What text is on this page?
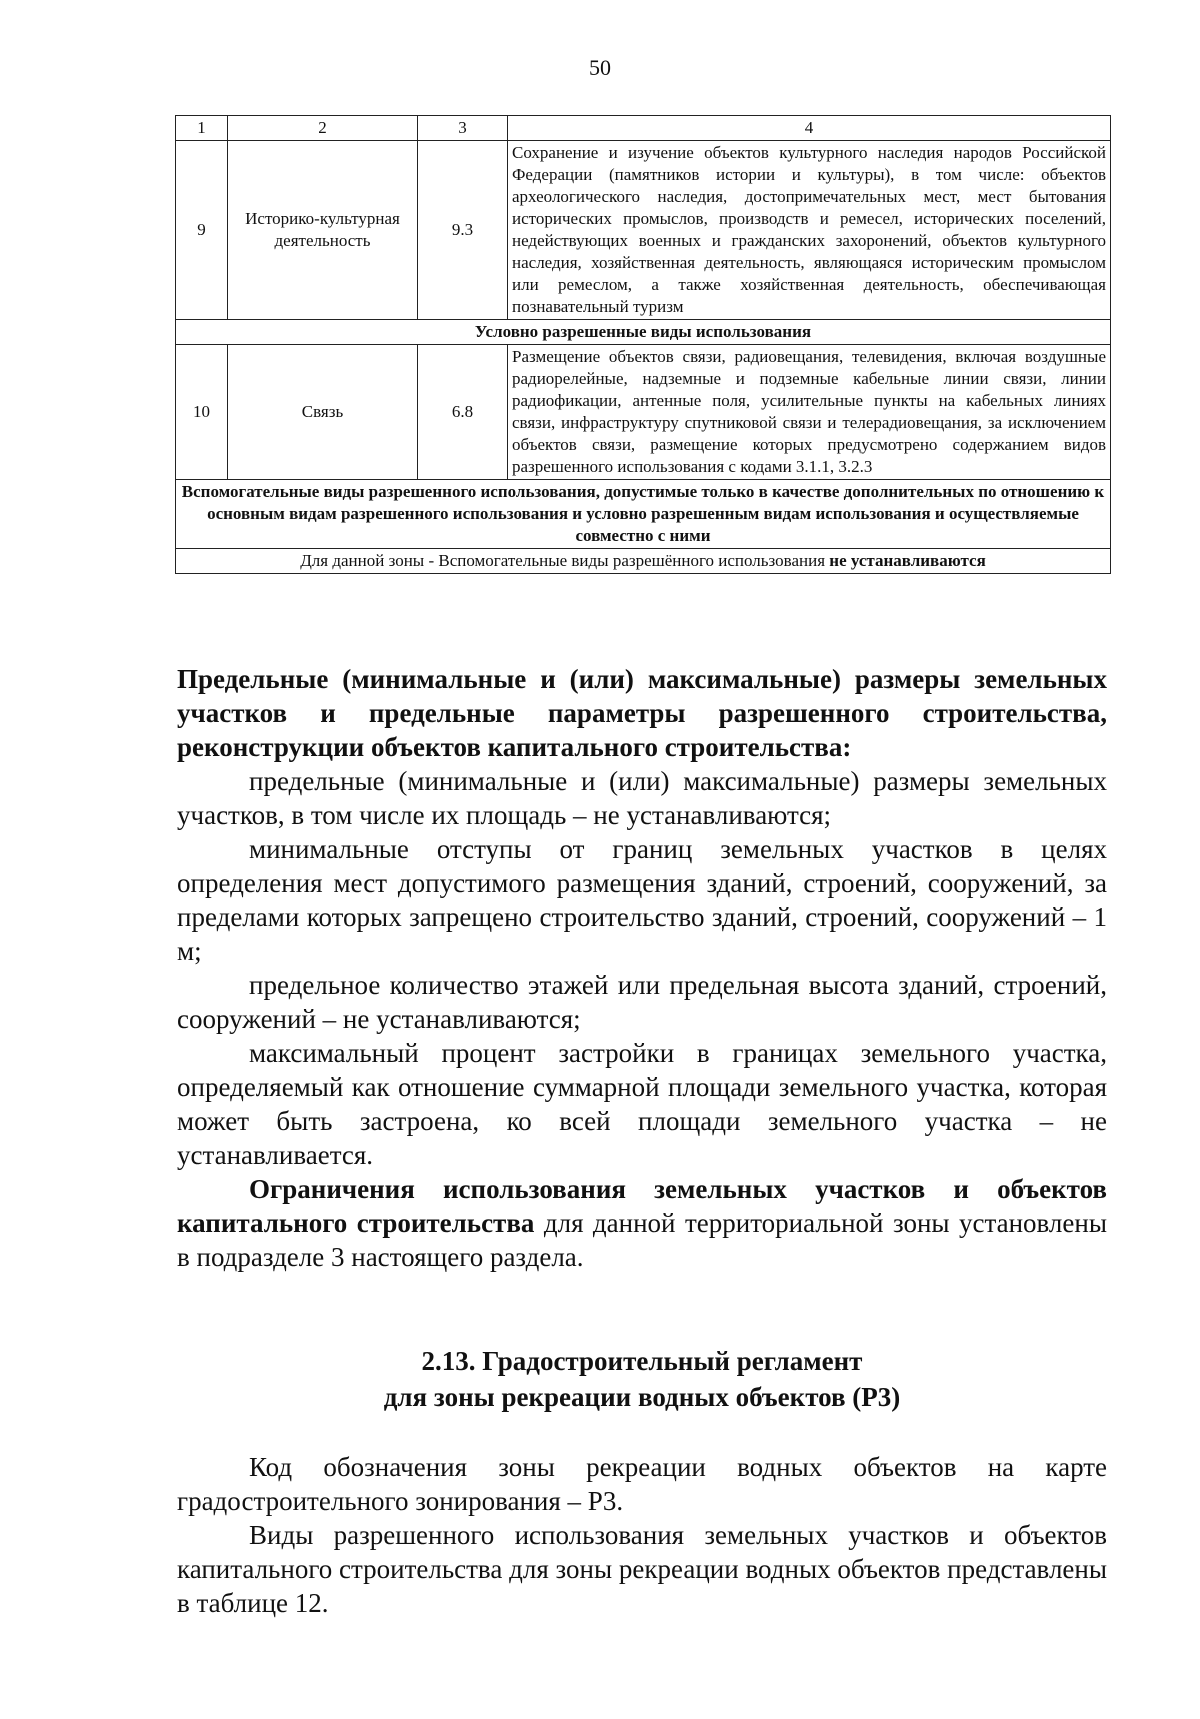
50
1	2	3	4
9	Историко-культурная деятельность	9.3	Сохранение и изучение объектов культурного наследия народов Российской Федерации (памятников истории и культуры), в том числе: объектов археологического наследия, достопримечательных мест, мест бытования исторических промыслов, производств и ремесел, исторических поселений, недействующих военных и гражданских захоронений, объектов культурного наследия, хозяйственная деятельность, являющаяся историческим промыслом или ремеслом, а также хозяйственная деятельность, обеспечивающая познавательный туризм
Условно разрешенные виды использования			
10	Связь	6.8	Размещение объектов связи, радиовещания, телевидения, включая воздушные радиорелейные, надземные и подземные кабельные линии связи, линии радиофикации, антенные поля, усилительные пункты на кабельных линиях связи, инфраструктуру спутниковой связи и телерадиовещания, за исключением объектов связи, размещение которых предусмотрено содержанием видов разрешенного использования с кодами 3.1.1, 3.2.3
Вспомогательные виды разрешенного использования, допустимые только в качестве дополнительных по отношению к основным видам разрешенного использования и условно разрешенным видам использования и осуществляемые совместно с ними			
Для данной зоны - Вспомогательные виды разрешённого использования не устанавливаются			

Предельные (минимальные и (или) максимальные) размеры земельных участков и предельные параметры разрешенного строительства, реконструкции объектов капитального строительства:

предельные (минимальные и (или) максимальные) размеры земельных участков, в том числе их площадь – не устанавливаются;

минимальные отступы от границ земельных участков в целях определения мест допустимого размещения зданий, строений, сооружений, за пределами которых запрещено строительство зданий, строений, сооружений – 1 м;

предельное количество этажей или предельная высота зданий, строений, сооружений – не устанавливаются;

максимальный процент застройки в границах земельного участка, определяемый как отношение суммарной площади земельного участка, которая может быть застроена, ко всей площади земельного участка – не устанавливается.

Ограничения использования земельных участков и объектов капитального строительства для данной территориальной зоны установлены в подразделе 3 настоящего раздела.

2.13. Градостроительный регламент
для зоны рекреации водных объектов (Р3)

Код обозначения зоны рекреации водных объектов на карте градостроительного зонирования – Р3.

Виды разрешенного использования земельных участков и объектов капитального строительства для зоны рекреации водных объектов представлены в таблице 12.
